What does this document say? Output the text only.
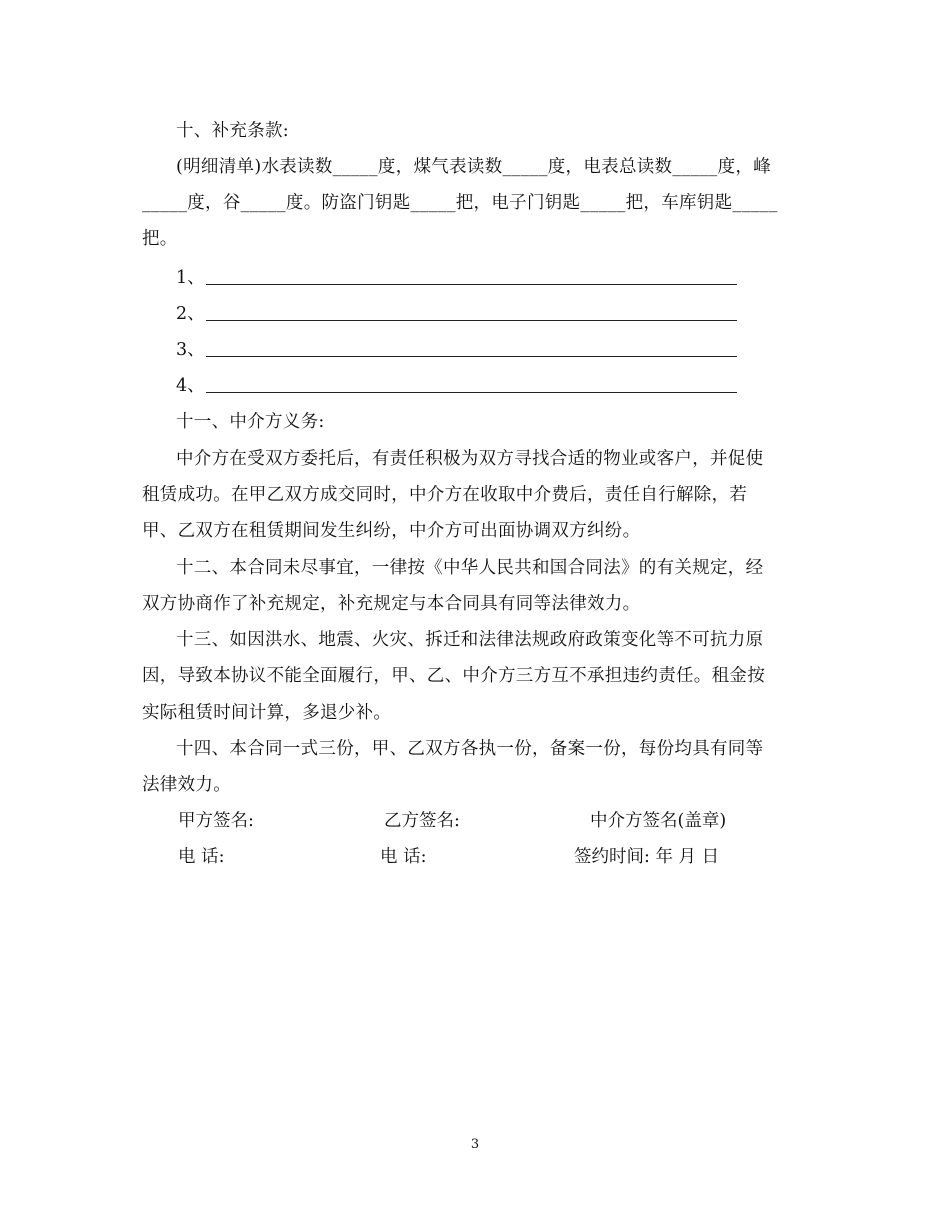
十、补充条款:
(明细清单)水表读数_____度，煤气表读数_____度，电表总读数_____度，峰
_____度，谷_____度。防盗门钥匙_____把，电子门钥匙_____把，车库钥匙_____
把。
1、
2、
3、
4、
十一、中介方义务:
中介方在受双方委托后，有责任积极为双方寻找合适的物业或客户，并促使
租赁成功。在甲乙双方成交同时，中介方在收取中介费后，责任自行解除，若
甲、乙双方在租赁期间发生纠纷，中介方可出面协调双方纠纷。
十二、本合同未尽事宜，一律按《中华人民共和国合同法》的有关规定，经
双方协商作了补充规定，补充规定与本合同具有同等法律效力。
十三、如因洪水、地震、火灾、拆迁和法律法规政府政策变化等不可抗力原
因，导致本协议不能全面履行，甲、乙、中介方三方互不承担违约责任。租金按
实际租赁时间计算，多退少补。
十四、本合同一式三份，甲、乙双方各执一份，备案一份，每份均具有同等
法律效力。
甲方签名:	乙方签名:	中介方签名(盖章)
电 话:	电 话:	签约时间: 年 月 日
3
